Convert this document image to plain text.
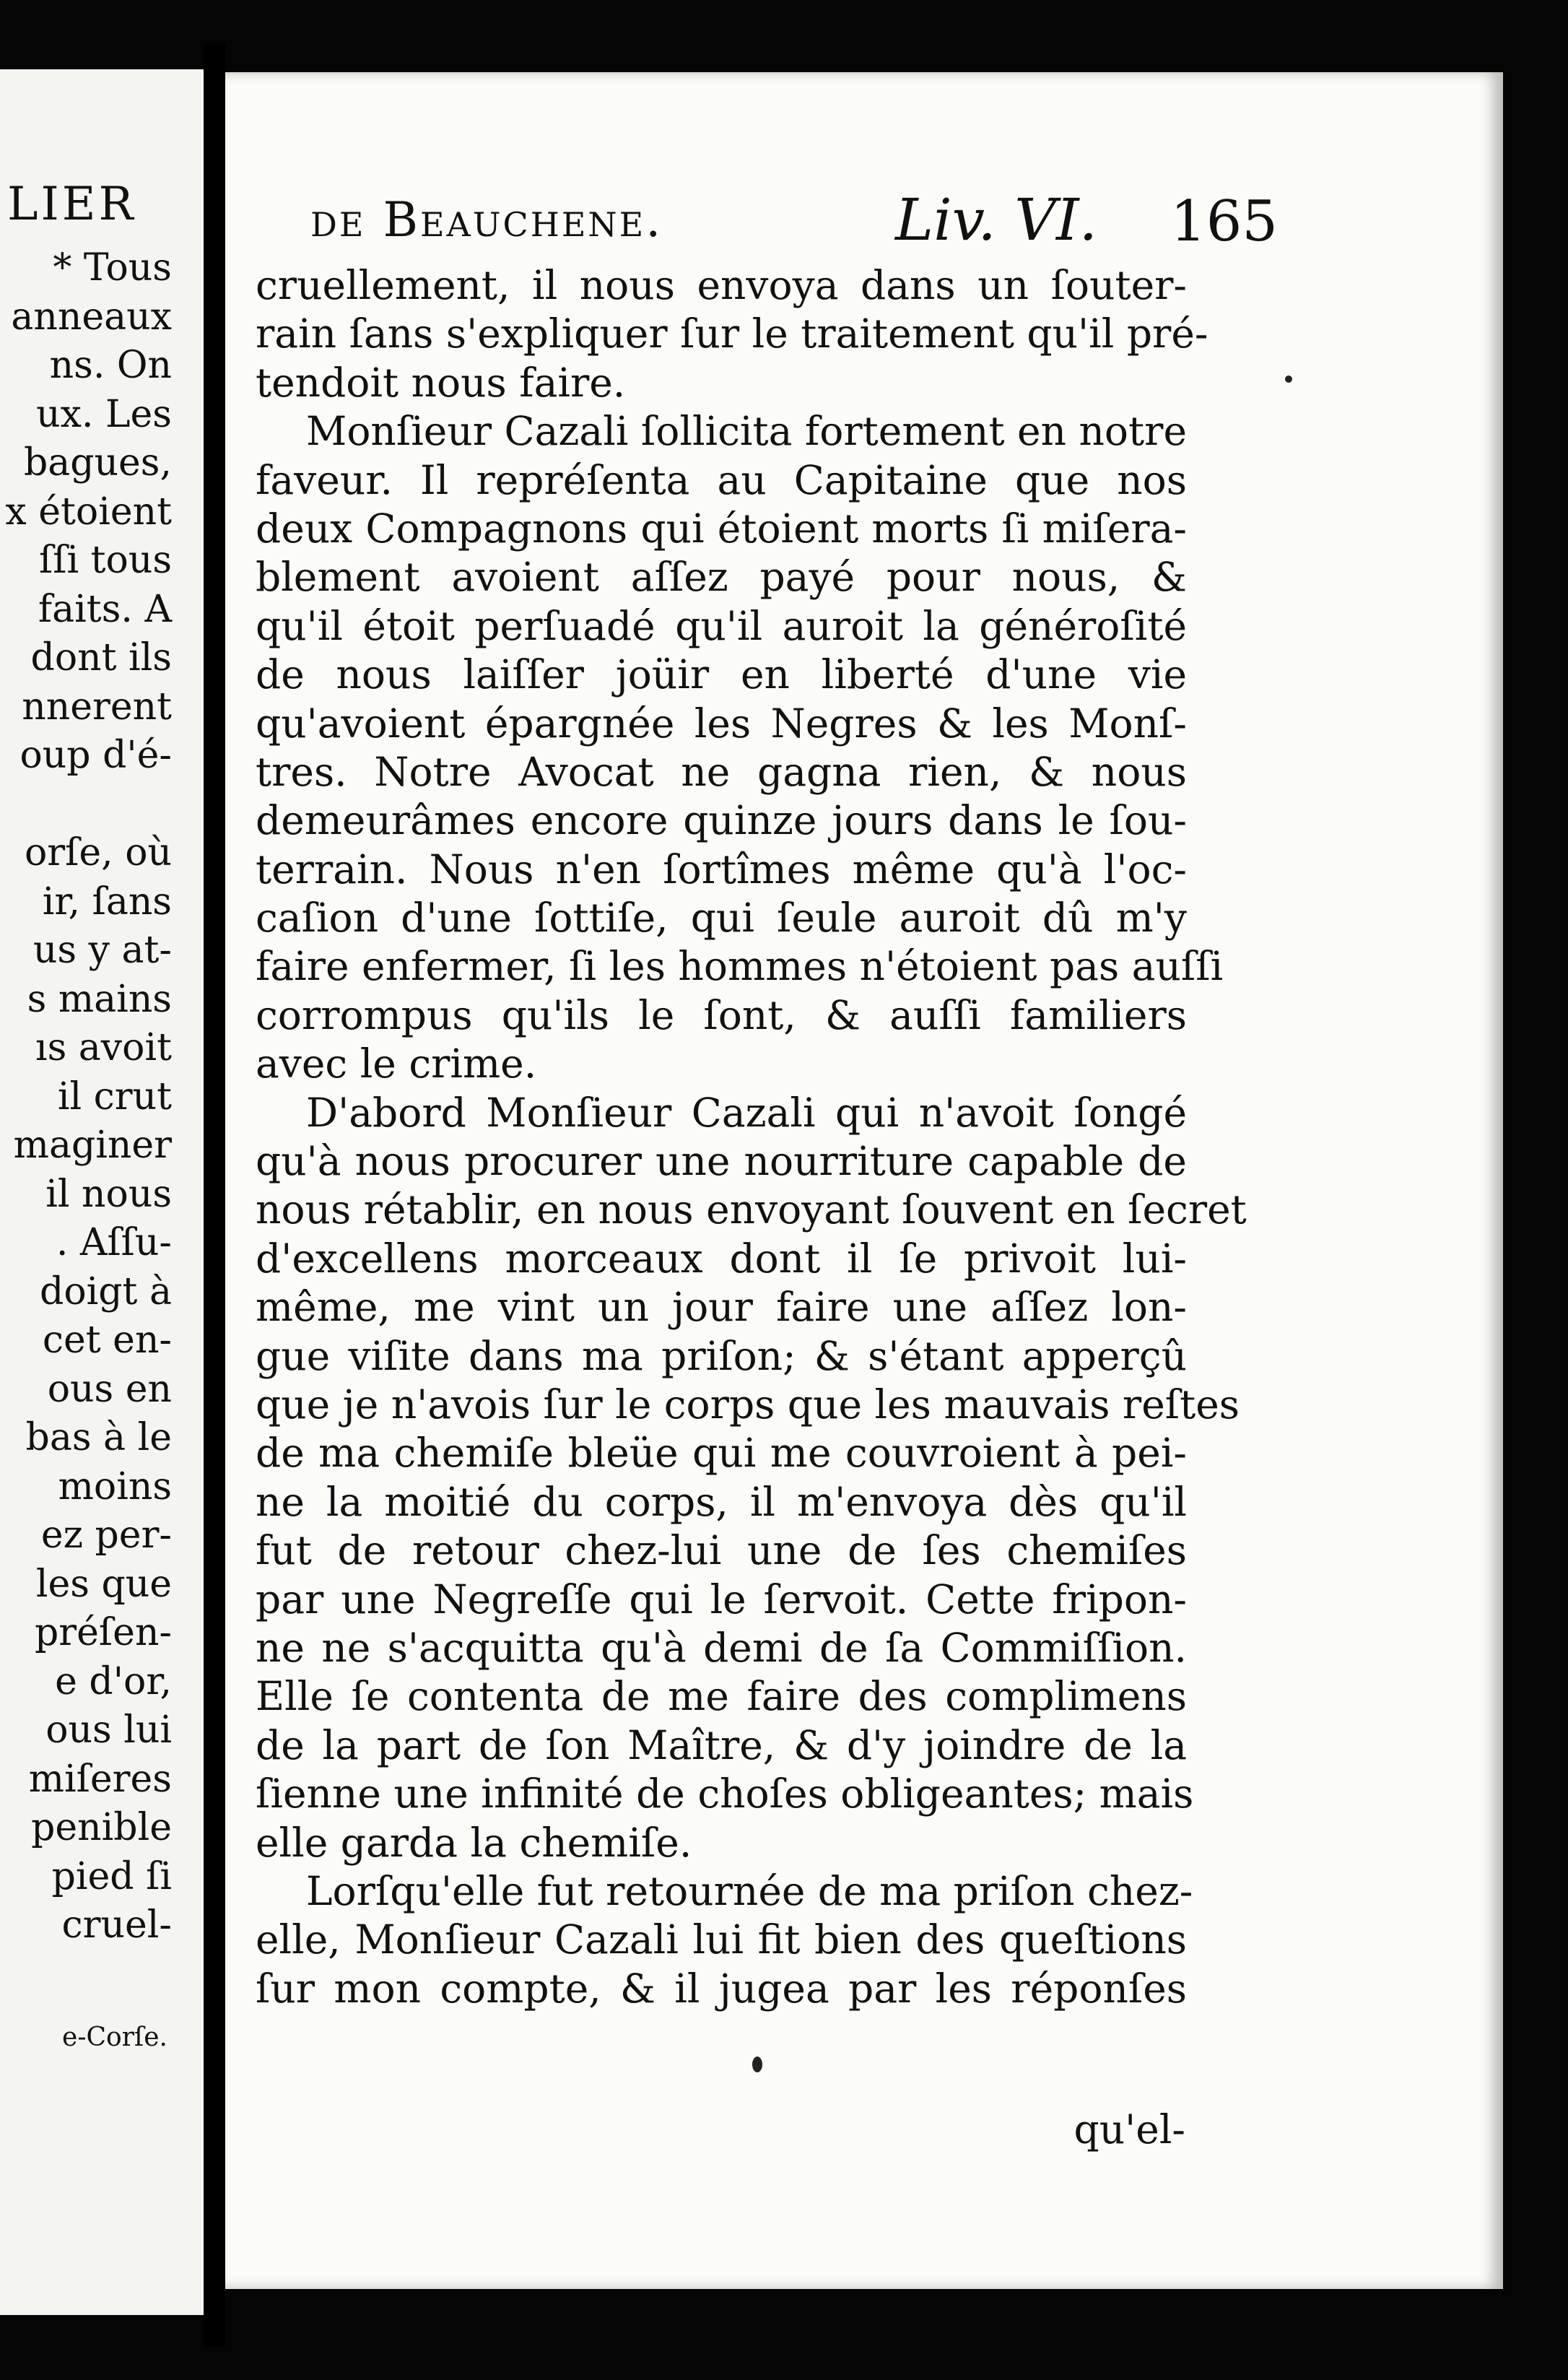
LIER
* Tous
anneaux
ns. On
ux. Les
bagues,
x étoient
ſſi tous
faits. A
dont ils
nnerent
oup d'é-
orſe, où
ir, ſans
us y at-
s mains
ıs avoit
il crut
maginer
il nous
. Aſſu-
doigt à
cet en-
ous en
bas à le
moins
ez per-
les que
préſen-
e d'or,
ous lui
miſeres
penible
pied ſi
cruel-
e-Corſe.
de Beauchene.	Liv. VI. 165
cruellement, il nous envoya dans un ſouter-
rain ſans s'expliquer ſur le traitement qu'il pré-
tendoit nous faire.
Monſieur Cazali ſollicita fortement en notre
faveur. Il repréſenta au Capitaine que nos
deux Compagnons qui étoient morts ſi miſera-
blement avoient aſſez payé pour nous, &
qu'il étoit perſuadé qu'il auroit la généroſité
de nous laiſſer joüir en liberté d'une vie
qu'avoient épargnée les Negres & les Monſ-
tres. Notre Avocat ne gagna rien, & nous
demeurâmes encore quinze jours dans le ſou-
terrain. Nous n'en ſortîmes même qu'à l'oc-
caſion d'une ſottiſe, qui ſeule auroit dû m'y
faire enfermer, ſi les hommes n'étoient pas auſſi
corrompus qu'ils le ſont, & auſſi familiers
avec le crime.
D'abord Monſieur Cazali qui n'avoit ſongé
qu'à nous procurer une nourriture capable de
nous rétablir, en nous envoyant ſouvent en ſecret
d'excellens morceaux dont il ſe privoit lui-
même, me vint un jour faire une aſſez lon-
gue viſite dans ma priſon; & s'étant apperçû
que je n'avois ſur le corps que les mauvais reſtes
de ma chemiſe bleüe qui me couvroient à pei-
ne la moitié du corps, il m'envoya dès qu'il
fut de retour chez-lui une de ſes chemiſes
par une Negreſſe qui le ſervoit. Cette fripon-
ne ne s'acquitta qu'à demi de ſa Commiſſion.
Elle ſe contenta de me faire des complimens
de la part de ſon Maître, & d'y joindre de la
ſienne une infinité de choſes obligeantes; mais
elle garda la chemiſe.
Lorſqu'elle fut retournée de ma priſon chez-
elle, Monſieur Cazali lui fit bien des queſtions
ſur mon compte, & il jugea par les réponſes
qu'el-
